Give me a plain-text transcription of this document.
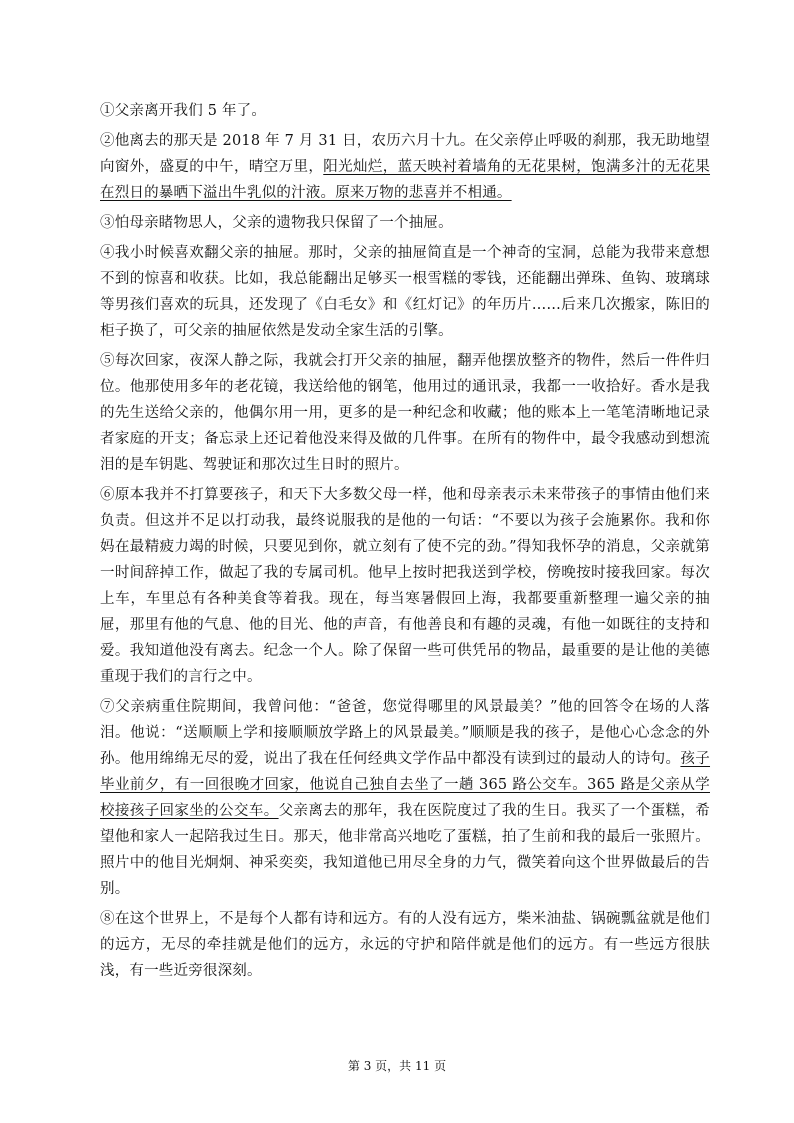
①父亲离开我们 5 年了。

②他离去的那天是 2018 年 7 月 31 日，农历六月十九。在父亲停止呼吸的刹那，我无助地望向窗外，盛夏的中午，晴空万里，阳光灿烂，蓝天映衬着墙角的无花果树，饱满多汁的无花果在烈日的暴晒下溢出牛乳似的汁液。原来万物的悲喜并不相通。

③怕母亲睹物思人，父亲的遗物我只保留了一个抽屉。

④我小时候喜欢翻父亲的抽屉。那时，父亲的抽屉简直是一个神奇的宝洞，总能为我带来意想不到的惊喜和收获。比如，我总能翻出足够买一根雪糕的零钱，还能翻出弹珠、鱼钩、玻璃球等男孩们喜欢的玩具，还发现了《白毛女》和《红灯记》的年历片……后来几次搬家，陈旧的柜子换了，可父亲的抽屉依然是发动全家生活的引擎。

⑤每次回家，夜深人静之际，我就会打开父亲的抽屉，翻弄他摆放整齐的物件，然后一件件归位。他那使用多年的老花镜，我送给他的钢笔，他用过的通讯录，我都一一收拾好。香水是我的先生送给父亲的，他偶尔用一用，更多的是一种纪念和收藏；他的账本上一笔笔清晰地记录者家庭的开支；备忘录上还记着他没来得及做的几件事。在所有的物件中，最令我感动到想流泪的是车钥匙、驾驶证和那次过生日时的照片。

⑥原本我并不打算要孩子，和天下大多数父母一样，他和母亲表示未来带孩子的事情由他们来负责。但这并不足以打动我，最终说服我的是他的一句话：“不要以为孩子会施累你。我和你妈在最精疲力竭的时候，只要见到你，就立刻有了使不完的劲。”得知我怀孕的消息，父亲就第一时间辞掉工作，做起了我的专属司机。他早上按时把我送到学校，傍晚按时接我回家。每次上车，车里总有各种美食等着我。现在，每当寒暑假回上海，我都要重新整理一遍父亲的抽屉，那里有他的气息、他的目光、他的声音，有他善良和有趣的灵魂，有他一如既往的支持和爱。我知道他没有离去。纪念一个人。除了保留一些可供凭吊的物品，最重要的是让他的美德重现于我们的言行之中。

⑦父亲病重住院期间，我曾问他：“爸爸，您觉得哪里的风景最美？”他的回答令在场的人落泪。他说：“送顺顺上学和接顺顺放学路上的风景最美。”顺顺是我的孩子，是他心心念念的外孙。他用绵绵无尽的爱，说出了我在任何经典文学作品中都没有读到过的最动人的诗句。孩子毕业前夕，有一回很晚才回家，他说自己独自去坐了一趟 365 路公交车。365 路是父亲从学校接孩子回家坐的公交车。父亲离去的那年，我在医院度过了我的生日。我买了一个蛋糕，希望他和家人一起陪我过生日。那天，他非常高兴地吃了蛋糕，拍了生前和我的最后一张照片。照片中的他目光炯炯、神采奕奕，我知道他已用尽全身的力气，微笑着向这个世界做最后的告别。

⑧在这个世界上，不是每个人都有诗和远方。有的人没有远方，柴米油盐、锅碗瓢盆就是他们的远方，无尽的牵挂就是他们的远方，永远的守护和陪伴就是他们的远方。有一些远方很肤浅，有一些近旁很深刻。

第 3 页，共 11 页
